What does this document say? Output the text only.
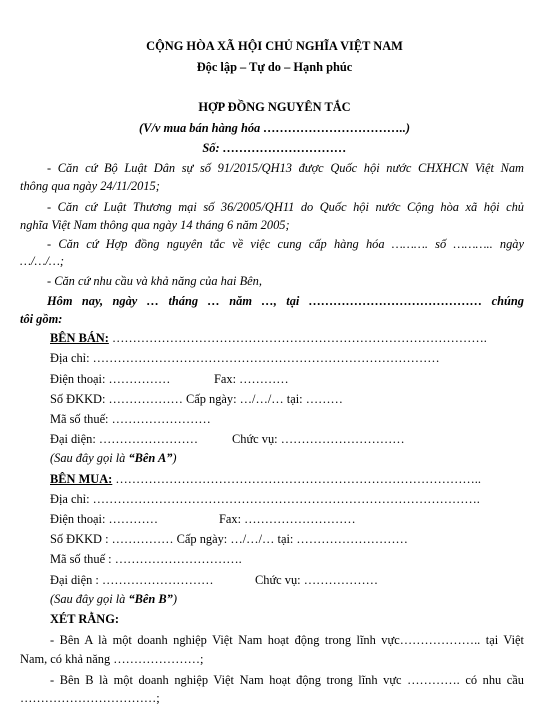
CỘNG HÒA XÃ HỘI CHỦ NGHĨA VIỆT NAM
Độc lập – Tự do – Hạnh phúc
HỢP ĐỒNG NGUYÊN TẮC
(V/v mua bán hàng hóa ……………………………..)
Số: …………………………
- Căn cứ Bộ Luật Dân sự số 91/2015/QH13 được Quốc hội nước CHXHCN Việt Nam
thông qua ngày 24/11/2015;
- Căn cứ Luật Thương mại số 36/2005/QH11 do Quốc hội nước Cộng hòa xã hội chủ
nghĩa Việt Nam thông qua ngày 14 tháng 6 năm 2005;
- Căn cứ Hợp đồng nguyên tắc về việc cung cấp hàng hóa ………. số ……….. ngày
…/…/…;
- Căn cứ nhu cầu và khả năng của hai Bên,
Hôm nay, ngày … tháng … năm …, tại …………………………………… chúng
tôi gồm:
BÊN BÁN: ……………………………………………………………………………….
Địa chỉ: …………………………………………………………………………
Điện thoại: ……………	Fax: …………
Số ĐKKD: ……………… Cấp ngày: …/…/… tại: ………
Mã số thuế: ……………………
Đại diện: ……………………	Chức vụ: …………………………
(Sau đây gọi là “Bên A”)
BÊN MUA: ……………………………………………………………………………..
Địa chỉ: ………………………………………………………………………………….
Điện thoại: …………	Fax: ………………………
Số ĐKKD : …………… Cấp ngày: …/…/… tại: ………………………
Mã số thuế : ………………………….
Đại diện : ………………………	Chức vụ: ………………
(Sau đây gọi là “Bên B”)
XÉT RẰNG:
- Bên A là một doanh nghiệp Việt Nam hoạt động trong lĩnh vực……………….. tại Việt
Nam, có khả năng …………………;
- Bên B là một doanh nghiệp Việt Nam hoạt động trong lĩnh vực …………. có nhu cầu
……………………………;
